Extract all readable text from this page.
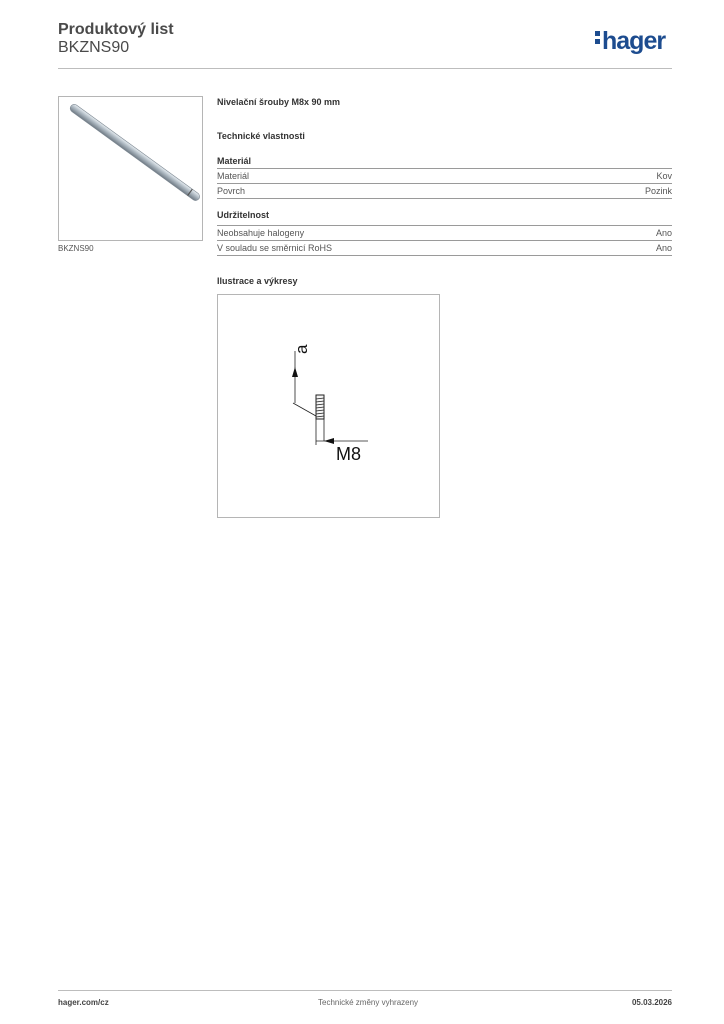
Produktový list
BKZNS90	hager
BKZNS90
Nivelační šrouby M8x 90 mm
Technické vlastnosti
Materiál
Materiál	Kov
Povrch	Pozink
Udržitelnost
Neobsahuje halogeny	Ano
V souladu se směrnicí RoHS	Ano
Ilustrace a výkresy
a
M8
hager.com/cz	Technické změny vyhrazeny	05.03.2026
